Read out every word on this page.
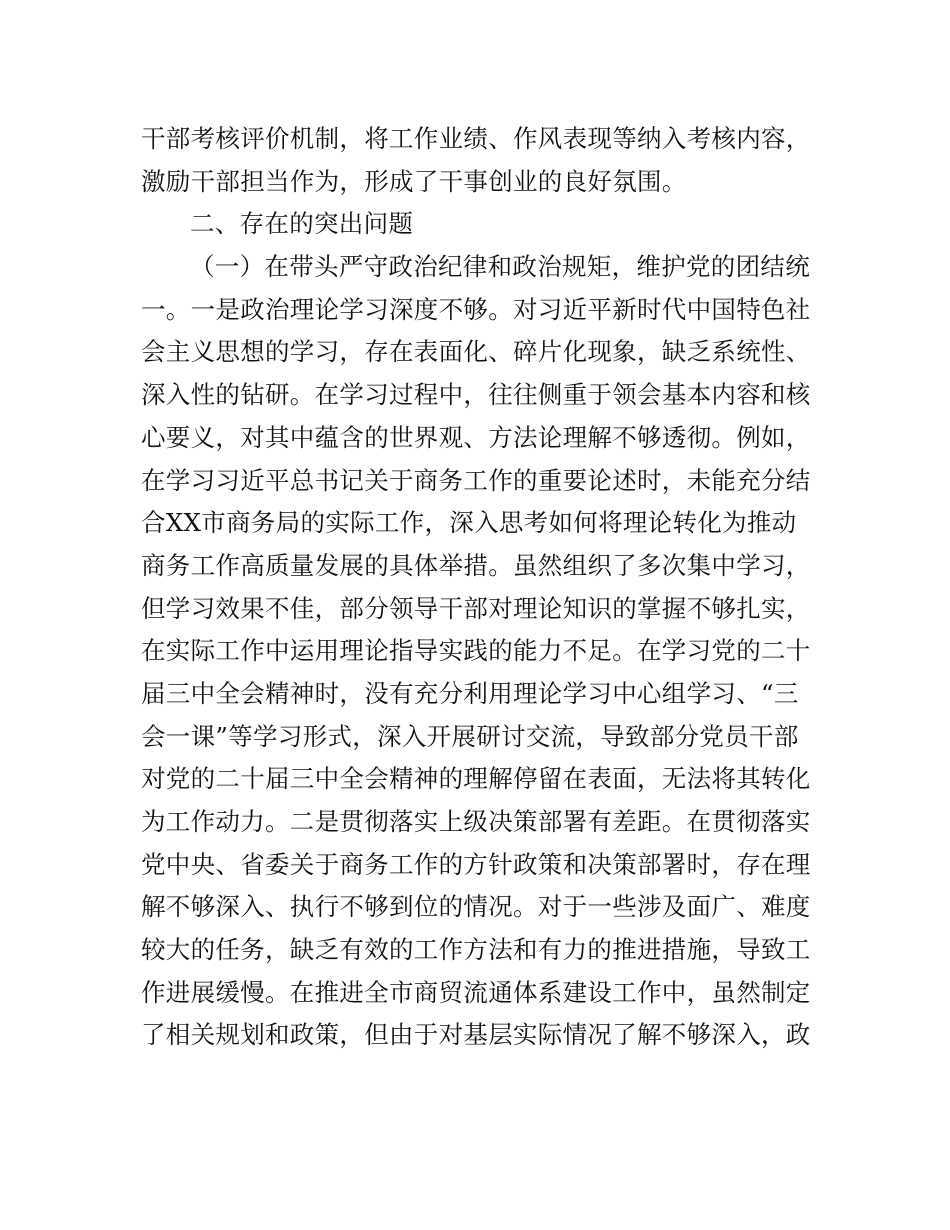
干部考核评价机制，将工作业绩、作风表现等纳入考核内容，
激励干部担当作为，形成了干事创业的良好氛围。
二、存在的突出问题
（一）在带头严守政治纪律和政治规矩，维护党的团结统
一。一是政治理论学习深度不够。对习近平新时代中国特色社
会主义思想的学习，存在表面化、碎片化现象，缺乏系统性、
深入性的钻研。在学习过程中，往往侧重于领会基本内容和核
心要义，对其中蕴含的世界观、方法论理解不够透彻。例如，
在学习习近平总书记关于商务工作的重要论述时，未能充分结
合XX市商务局的实际工作，深入思考如何将理论转化为推动
商务工作高质量发展的具体举措。虽然组织了多次集中学习，
但学习效果不佳，部分领导干部对理论知识的掌握不够扎实，
在实际工作中运用理论指导实践的能力不足。在学习党的二十
届三中全会精神时，没有充分利用理论学习中心组学习、“三
会一课”等学习形式，深入开展研讨交流，导致部分党员干部
对党的二十届三中全会精神的理解停留在表面，无法将其转化
为工作动力。二是贯彻落实上级决策部署有差距。在贯彻落实
党中央、省委关于商务工作的方针政策和决策部署时，存在理
解不够深入、执行不够到位的情况。对于一些涉及面广、难度
较大的任务，缺乏有效的工作方法和有力的推进措施，导致工
作进展缓慢。在推进全市商贸流通体系建设工作中，虽然制定
了相关规划和政策，但由于对基层实际情况了解不够深入，政
